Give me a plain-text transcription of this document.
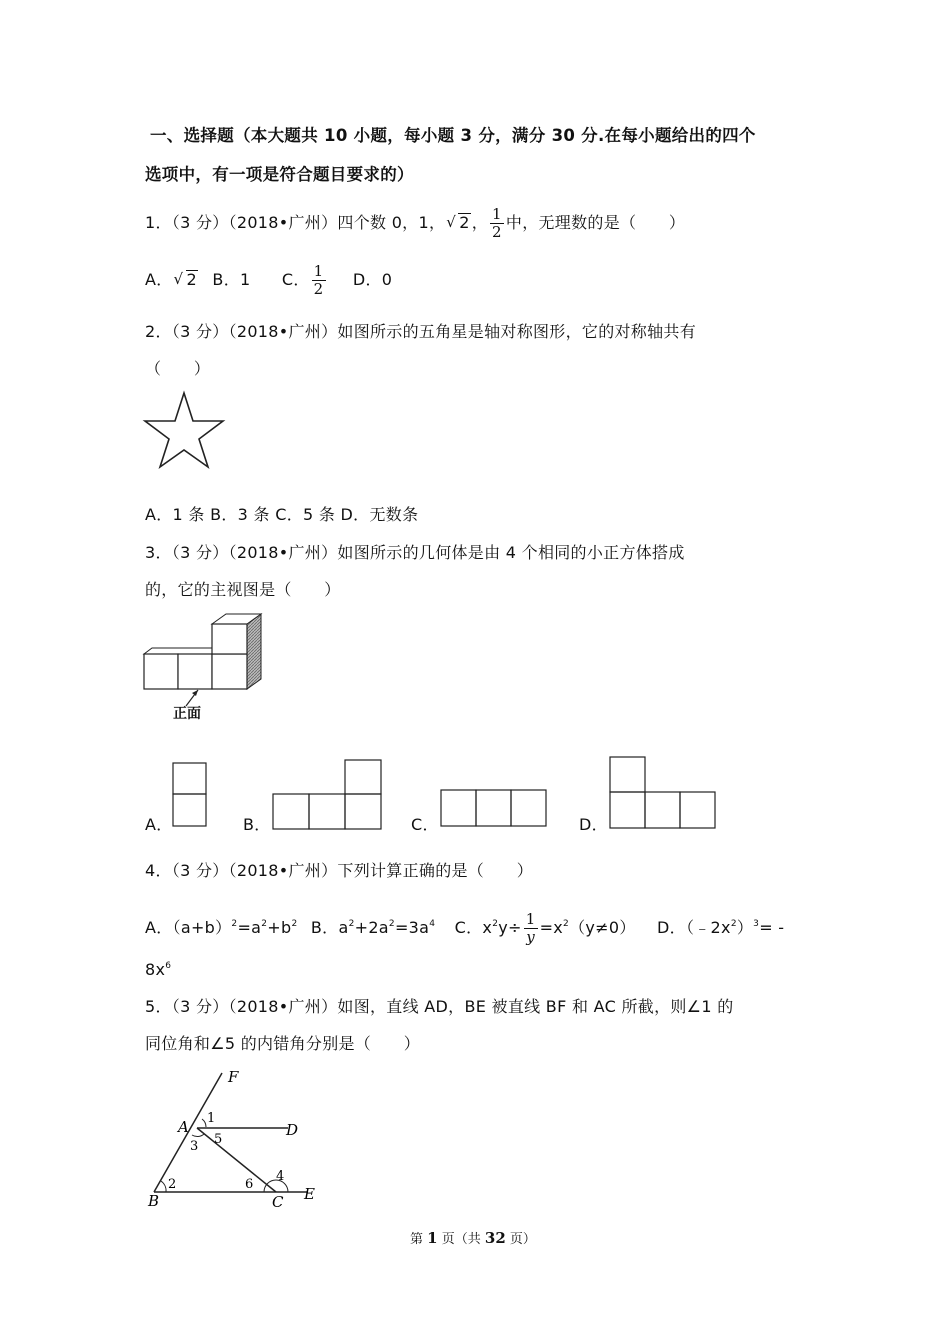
一、选择题（本大题共 10 小题，每小题 3 分，满分 30 分.在每小题给出的四个
选项中，有一项是符合题目要求的）
1．（3 分）（2018•广州）四个数 0，1， √ 2 ， $\frac{1}{2}$ 中，无理数的是（　　）
A． √ 2 B．1 C． $\frac{1}{2}$ D．0
2．（3 分）（2018•广州）如图所示的五角星是轴对称图形，它的对称轴共有
（　　）
A．1 条 B．3 条 C．5 条 D．无数条
3．（3 分）（2018•广州）如图所示的几何体是由 4 个相同的小正方体搭成
的，它的主视图是（　　）
正面
A．	B．	C．	D．
4．（3 分）（2018•广州）下列计算正确的是（　　）
A．$(a+b)^2=a^2+b^2$ B．$a^2+2a^2=3a^4$ C．$x^2y\div \frac{1}{y} =x^2(y\ne 0)$ D．$(﹣2x^2)^3=$ -
$8x^6$
5．（3 分）（2018•广州）如图，直线 AD，BE 被直线 BF 和 AC 所截，则∠1 的
同位角和∠5 的内错角分别是（　　）
F
A	D
B	C E
1
2
3
4
5
6
第 1 页（共 32 页）
